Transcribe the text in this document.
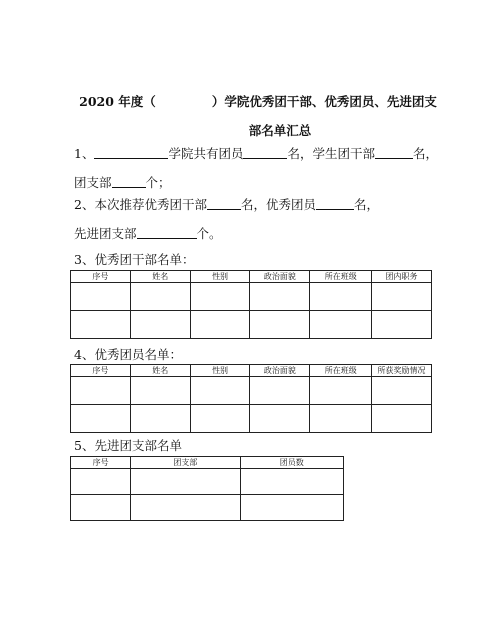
2020 年度（	）学院优秀团干部、优秀团员、先进团支
部名单汇总
1、	学院共有团员	名，学生团干部	名，
团支部	个；
2、本次推荐优秀团干部	名，优秀团员	名，
先进团支部	个。
3、优秀团干部名单：
序号	姓名	性别	政治面貌	所在班级	团内职务

4、优秀团员名单：
序号	姓名	性别	政治面貌	所在班级	所获奖励情况

5、先进团支部名单
序号	团支部	团员数
